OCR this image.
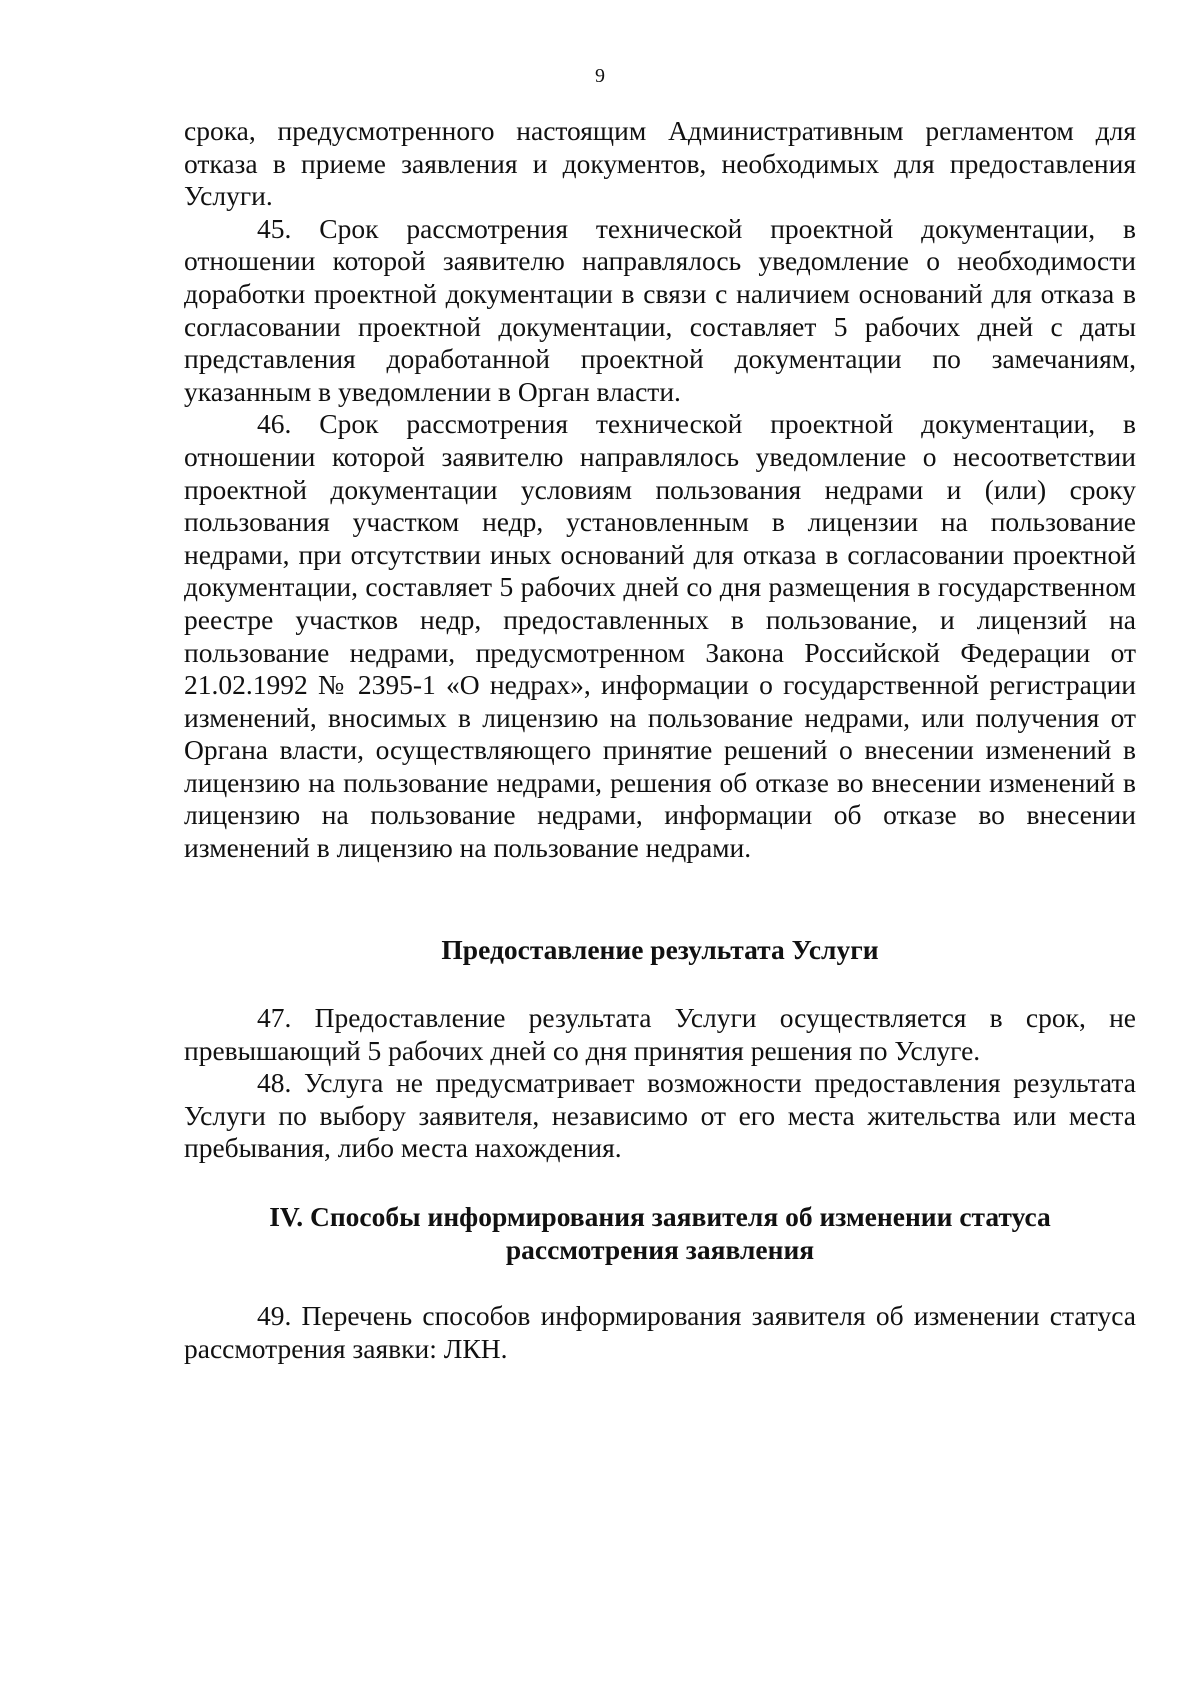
9

срока, предусмотренного настоящим Административным регламентом для отказа в приеме заявления и документов, необходимых для предоставления Услуги.

45. Срок рассмотрения технической проектной документации, в отношении которой заявителю направлялось уведомление о необходимости доработки проектной документации в связи с наличием оснований для отказа в согласовании проектной документации, составляет 5 рабочих дней с даты представления доработанной проектной документации по замечаниям, указанным в уведомлении в Орган власти.

46. Срок рассмотрения технической проектной документации, в отношении которой заявителю направлялось уведомление о несоответствии проектной документации условиям пользования недрами и (или) сроку пользования участком недр, установленным в лицензии на пользование недрами, при отсутствии иных оснований для отказа в согласовании проектной документации, составляет 5 рабочих дней со дня размещения в государственном реестре участков недр, предоставленных в пользование, и лицензий на пользование недрами, предусмотренном Закона Российской Федерации от 21.02.1992 № 2395-1 «О недрах», информации о государственной регистрации изменений, вносимых в лицензию на пользование недрами, или получения от Органа власти, осуществляющего принятие решений о внесении изменений в лицензию на пользование недрами, решения об отказе во внесении изменений в лицензию на пользование недрами, информации об отказе во внесении изменений в лицензию на пользование недрами.

Предоставление результата Услуги

47. Предоставление результата Услуги осуществляется в срок, не превышающий 5 рабочих дней со дня принятия решения по Услуге.

48. Услуга не предусматривает возможности предоставления результата Услуги по выбору заявителя, независимо от его места жительства или места пребывания, либо места нахождения.

IV. Способы информирования заявителя об изменении статуса
рассмотрения заявления

49. Перечень способов информирования заявителя об изменении статуса рассмотрения заявки: ЛКН.
